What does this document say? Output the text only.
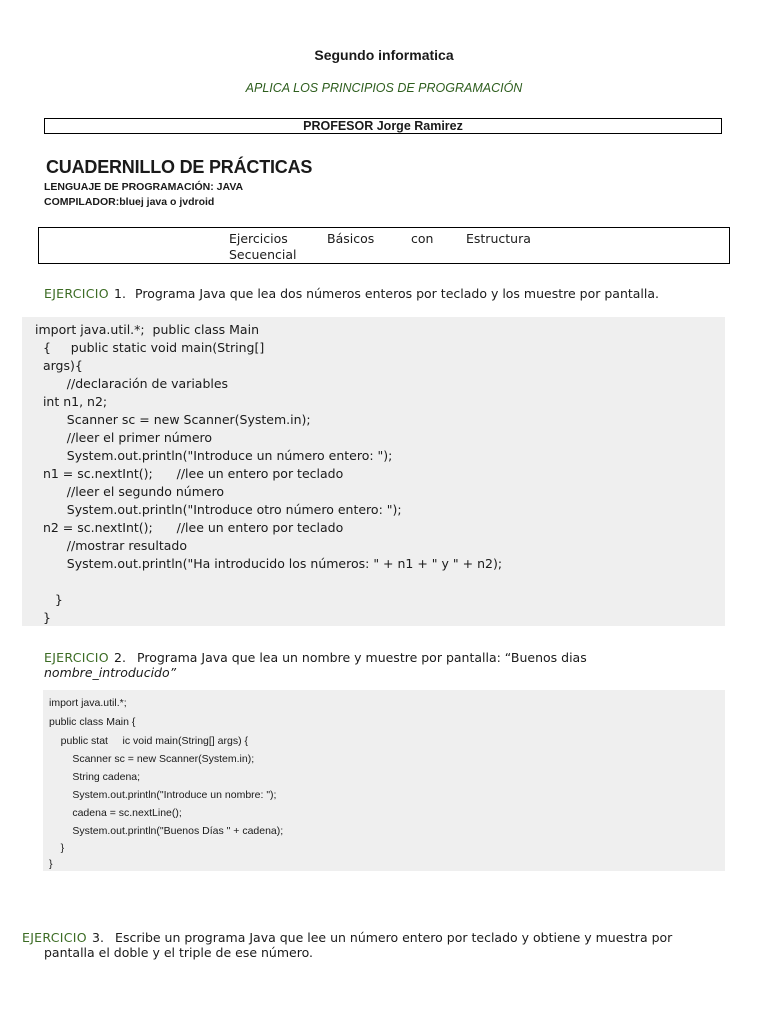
Segundo informatica
APLICA LOS PRINCIPIOS DE PROGRAMACIÓN
PROFESOR Jorge Ramirez
CUADERNILLO DE PRÁCTICAS
LENGUAJE DE PROGRAMACIÓN: JAVA
COMPILADOR:bluej java o jvdroid
Ejercicios	Básicos	con	Estructura
Secuencial
EJERCICIO 1. Programa Java que lea dos números enteros por teclado y los muestre por pantalla.
import java.util.*;  public class Main
{     public static void main(String[]
args){
//declaración de variables
int n1, n2;
Scanner sc = new Scanner(System.in);
//leer el primer número
System.out.println("Introduce un número entero: ");
n1 = sc.nextInt();      //lee un entero por teclado
//leer el segundo número
System.out.println("Introduce otro número entero: ");
n2 = sc.nextInt();      //lee un entero por teclado
//mostrar resultado
System.out.println("Ha introducido los números: " + n1 + " y " + n2);
}
}
EJERCICIO 2. Programa Java que lea un nombre y muestre por pantalla: “Buenos dias
nombre_introducido”
import java.util.*;
public class Main {
public stat     ic void main(String[] args) {
Scanner sc = new Scanner(System.in);
String cadena;
System.out.println("Introduce un nombre: ");
cadena = sc.nextLine();
System.out.println("Buenos Días " + cadena);
}
}
EJERCICIO 3. Escribe un programa Java que lee un número entero por teclado y obtiene y muestra por
pantalla el doble y el triple de ese número.
